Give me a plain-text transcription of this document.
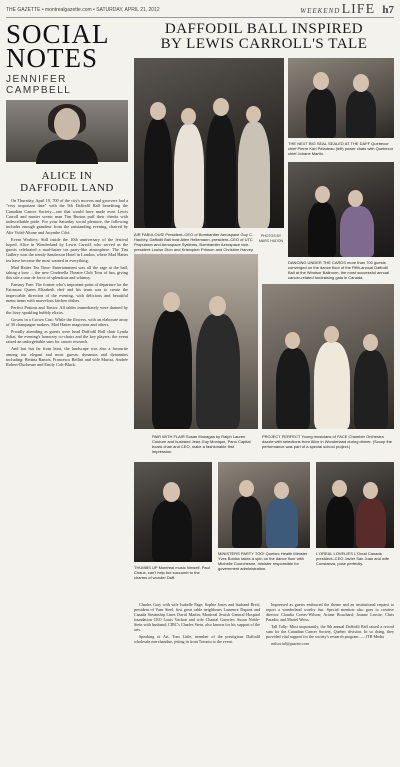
THE GAZETTE • montrealgazette.com • SATURDAY, APRIL 21, 2012	WEEKEND LIFE h7
SOCIAL
NOTES
JENNIFER
CAMPBELL
ALICE IN
DAFFODIL LAND

On Thursday, April 19, 700 of the city's movers and groovers had a "very important date" with the 9th Daffodil Ball benefiting the Canadian Cancer Society—one that would have made even Lewis Carroll and master scenic man Tim Burton puff their cheeks with indescribable pride. For your Saturday social pleasure, the following includes enough grandeur from the outstanding evening, chaired by Alie Vidal-Altone and Jacynthe Côté.

Event Workers: Still inside the 10th anniversary of the festival hoped. Alice in Wonderland by Lewis Carroll, who served as the guests celebrated a mad-hatter tea party-like atmosphere. The Tim Gallery won the trendy Sanderson Hotel in London, where Mad Hatter tea have become the most wanted in everything.

Mad Hatter Tea Time: Entertainment was all the rage at the ball, taking a bow ... the new Cinderella Theatre Club Tons of fun, giving this tale a tour de force of splendour and whimsy.

Fantasy Fare: The former who's important point of departure for the Fairmont Queen Elizabeth chef and his team was to create the impeccable direction of the evening, with delicious and beautiful menu items with marvelous kitchen dishes.

Perfect Potions and Tonics: All tables immediately were drained by the fizzy sparkling bubbly elixirs.

Gowns in a Crown Cast: While the flowers, with an elaborate array of 30 champagne makers, Mad Hatter magicians and others.

Proudly attending as guests were head Daffodil Ball chair Lynda Joliat, the evening's honorary co-chairs and the key players; the event raised an unforgettable sum for cancer research.

And last but far from least, the landscape was also a favourite among our elegant and most guests; dynamos and dynamites including: Bettina Ramos, Francesco Bellini and wife Marisa, Andrée Robert-Duchesne and Emily Colt-Black.

DAFFODIL BALL INSPIRED
BY LEWIS CARROLL'S TALE
AIR FABULOUS! President–CEO of Bombardier Aerospace Guy C. Hachey, Daffodil Ball host Allen Hellemann, president–CEO of UTC Propulsion and Aerospace Systems, Bombardier Aerospace vice-president Louise Dion and Kristopher Prinson and Christine Harvey
PHOTOS BY MARC HUDON
THE NEXT BIG SEAL SEALED AT THE DAFF Quebecor chief Pierre Karl Péladeau (left) power chats with Quebecor chief Johane Martin.
DANCING UNDER THE CARDS more than 700 guests converged on the dance floor of the Fifth-annual Daffodil Ball at the Windsor Ballroom, the most successful annual cancer-related fundraising gala in Canada.
PAIR WITH FLAIR Susan Monagas by Ralph Lauren Couture and husband Jean-Guy Monique, Panu Capital board chair and CEO, make a fashionable first impression.
PROJECT PERFECT Young musicians of FACE Chamber Orchestra dazzle with selections from Alice in Wonderland during dinner. (Scoop the performance was part of a special school project.)
THUMBS UP Montreal music himself, Paul Chaux, can't help but succumb to the charms of wonder Daff.
MINISTERS PARTY TOO! Quebec Health Minister Yves Bolduc takes a spin on the dance floor with Michelle Courchesne, minister responsible for government administration.
L'OREAL LOVELIES L'Oreal Canada president–CEO Javier San Juan and wife Constanza, pose perfectly.

Charles Gray with wife Isabelle Page; Sophie Jones and husband Brett; president of Vans Steel, first great cable neighbours Laurence Dupont and Canada Steamship Lines David Martin; Montreal Jewish General Hospital foundation CEO Louis Vachon and wife Chantal Guerrier; Susan Noble-Stein with husband; CIBC's Charles Stein, also known for his support of the arts.

Speaking of Art, Tom Little, member of the prestigious Daffodil wholesale merchandise, jetting in from Toronto to the event.

Impressed as guests embraced the theme and an institutional request to report a wonderland worthy fun. Special mention also goes to creative director Claudia Cortes-Wilson; Ariane Bouchard; Joanne Lavoie; Chris Paradis; and Mariel Weiss.

Tall Tally: Most importantly, the 9th annual Daffodil Ball raised a record sum for the Canadian Cancer Society, Quebec division. In so doing, they provided vital support for the society's research program. — JTB Media

mtlsocial@gazette.com
